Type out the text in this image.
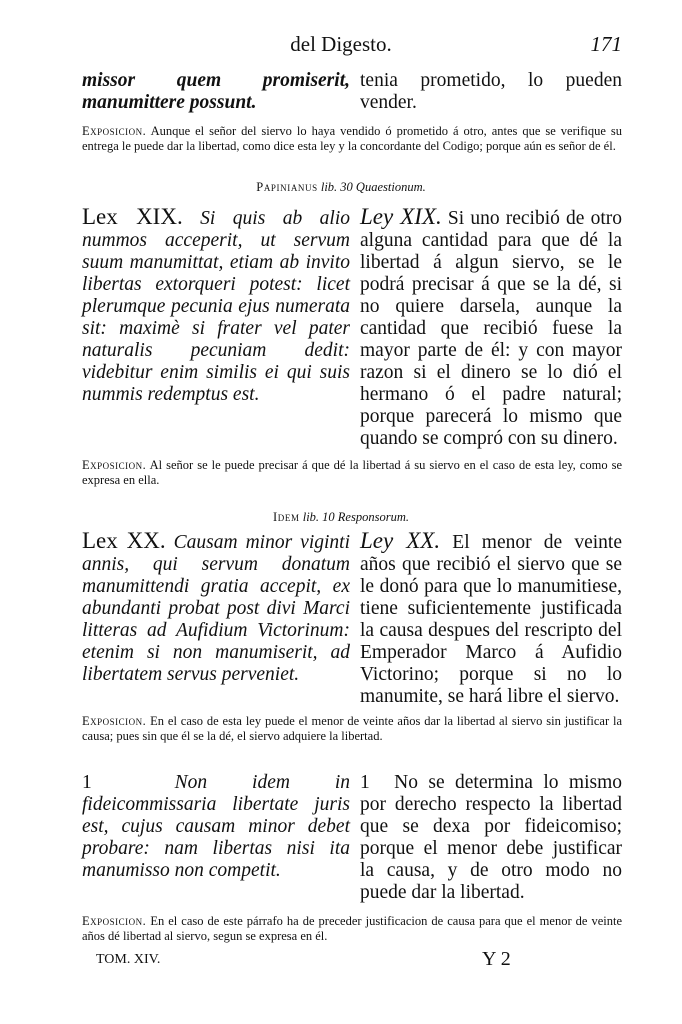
del Digesto.	171
missor quem promiserit, manumittere possunt.
tenia prometido, lo pueden vender.
Exposicion. Aunque el señor del siervo lo haya vendido ó prometido á otro, antes que se verifique su entrega le puede dar la libertad, como dice esta ley y la concordante del Codigo; porque aún es señor de él.
Papinianus lib. 30 Quaestionum.
Lex XIX. Si quis ab alio nummos acceperit, ut servum suum manumittat, etiam ab invito libertas extorqueri potest: licet plerumque pecunia ejus numerata sit: maximè si frater vel pater naturalis pecuniam dedit: videbitur enim similis ei qui suis nummis redemptus est.
Ley XIX. Si uno recibió de otro alguna cantidad para que dé la libertad á algun siervo, se le podrá precisar á que se la dé, si no quiere darsela, aunque la cantidad que recibió fuese la mayor parte de él: y con mayor razon si el dinero se lo dió el hermano ó el padre natural; porque parecerá lo mismo que quando se compró con su dinero.
Exposicion. Al señor se le puede precisar á que dé la libertad á su siervo en el caso de esta ley, como se expresa en ella.
Idem lib. 10 Responsorum.
Lex XX. Causam minor viginti annis, qui servum donatum manumittendi gratia accepit, ex abundanti probat post divi Marci litteras ad Aufidium Victorinum: etenim si non manumiserit, ad libertatem servus perveniet.
Ley XX. El menor de veinte años que recibió el siervo que se le donó para que lo manumitiese, tiene suficientemente justificada la causa despues del rescripto del Emperador Marco á Aufidio Victorino; porque si no lo manumite, se hará libre el siervo.
Exposicion. En el caso de esta ley puede el menor de veinte años dar la libertad al siervo sin justificar la causa; pues sin que él se la dé, el siervo adquiere la libertad.
1	Non idem in fideicommissaria libertate juris est, cujus causam minor debet probare: nam libertas nisi ita manumisso non competit.
1 No se determina lo mismo por derecho respecto la libertad que se dexa por fideicomiso; porque el menor debe justificar la causa, y de otro modo no puede dar la libertad.
Exposicion. En el caso de este párrafo ha de preceder justificacion de causa para que el menor de veinte años dé libertad al siervo, segun se expresa en él.
TOM. XIV.	Y 2
